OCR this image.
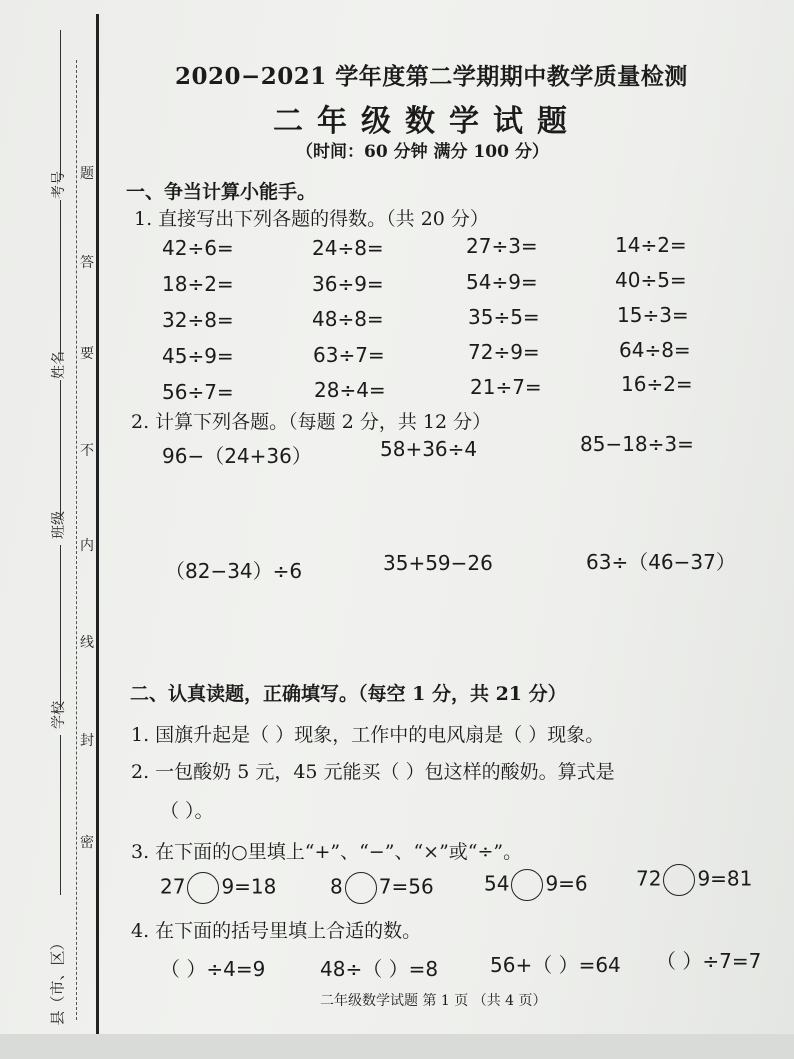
考号
姓名
班级
学校
县（市、区）
题
答
要
不
内
线
封
密
2020−2021 学年度第二学期期中教学质量检测
二年级数学试题
（时间：60 分钟 满分 100 分）
一、争当计算小能手。
1. 直接写出下列各题的得数。（共 20 分）
42÷6=	24÷8=	27÷3=	14÷2=
18÷2=	36÷9=	54÷9=	40÷5=
32÷8=	48÷8=	35÷5=	15÷3=
45÷9=	63÷7=	72÷9=	64÷8=
56÷7=	28÷4=	21÷7=	16÷2=
2. 计算下列各题。（每题 2 分，共 12 分）
96−（24+36）	58+36÷4	85−18÷3=
（82−34）÷6	35+59−26	63÷（46−37）
二、认真读题，正确填写。（每空 1 分，共 21 分）
1. 国旗升起是（ ）现象，工作中的电风扇是（ ）现象。
2. 一包酸奶 5 元，45 元能买（ ）包这样的酸奶。算式是
（ ）。
3. 在下面的○里填上“+”、“−”、“×”或“÷”。
27 9=18	8 7=56	54 9=6 72 9=81
4. 在下面的括号里填上合适的数。
（ ）÷4=9	48÷（ ）=8	56+（ ）=64 （ ）÷7=7
二年级数学试题 第 1 页 （共 4 页）
